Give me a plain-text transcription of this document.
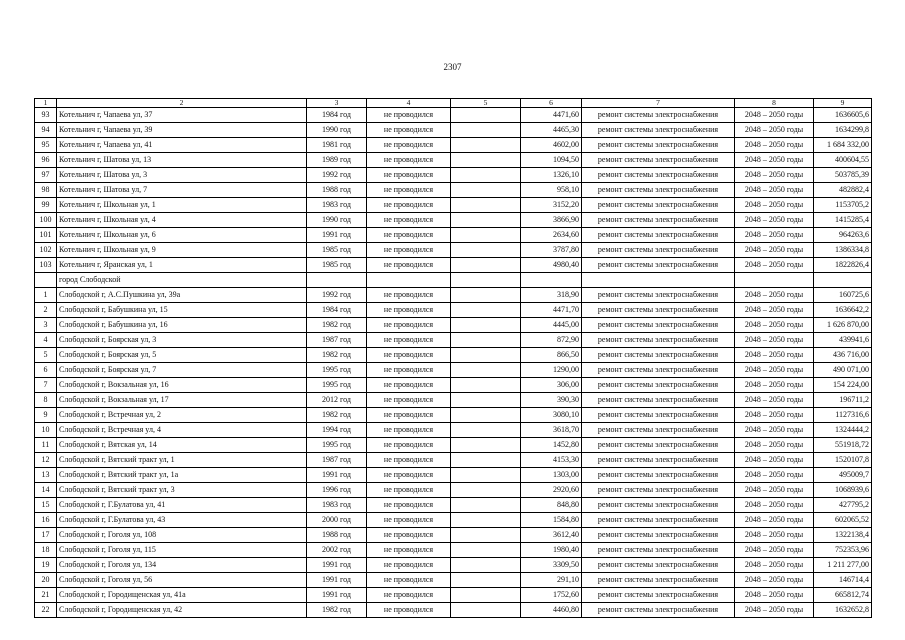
2307
1	2	3	4	5	6	7	8	9
93	Котельнич г, Чапаева ул, 37	1984 год	не проводился		4471,60	ремонт системы электроснабжения	2048 – 2050 годы	1636605,6
94	Котельнич г, Чапаева ул, 39	1990 год	не проводился		4465,30	ремонт системы электроснабжения	2048 – 2050 годы	1634299,8
95	Котельнич г, Чапаева ул, 41	1981 год	не проводился		4602,00	ремонт системы электроснабжения	2048 – 2050 годы	1 684 332,00
96	Котельнич г, Шатова ул, 13	1989 год	не проводился		1094,50	ремонт системы электроснабжения	2048 – 2050 годы	400604,55
97	Котельнич г, Шатова ул, 3	1992 год	не проводился		1326,10	ремонт системы электроснабжения	2048 – 2050 годы	503785,39
98	Котельнич г, Шатова ул, 7	1988 год	не проводился		958,10	ремонт системы электроснабжения	2048 – 2050 годы	482882,4
99	Котельнич г, Школьная ул, 1	1983 год	не проводился		3152,20	ремонт системы электроснабжения	2048 – 2050 годы	1153705,2
100	Котельнич г, Школьная ул, 4	1990 год	не проводился		3866,90	ремонт системы электроснабжения	2048 – 2050 годы	1415285,4
101	Котельнич г, Школьная ул, 6	1991 год	не проводился		2634,60	ремонт системы электроснабжения	2048 – 2050 годы	964263,6
102	Котельнич г, Школьная ул, 9	1985 год	не проводился		3787,80	ремонт системы электроснабжения	2048 – 2050 годы	1386334,8
103	Котельнич г, Яранская ул, 1	1985 год	не проводился		4980,40	ремонт системы электроснабжения	2048 – 2050 годы	1822826,4
	город Слободской							
1	Слободской г, А.С.Пушкина ул, 39а	1992 год	не проводился		318,90	ремонт системы электроснабжения	2048 – 2050 годы	160725,6
2	Слободской г, Бабушкина ул, 15	1984 год	не проводился		4471,70	ремонт системы электроснабжения	2048 – 2050 годы	1636642,2
3	Слободской г, Бабушкина ул, 16	1982 год	не проводился		4445,00	ремонт системы электроснабжения	2048 – 2050 годы	1 626 870,00
4	Слободской г, Боярская ул, 3	1987 год	не проводился		872,90	ремонт системы электроснабжения	2048 – 2050 годы	439941,6
5	Слободской г, Боярская ул, 5	1982 год	не проводился		866,50	ремонт системы электроснабжения	2048 – 2050 годы	436 716,00
6	Слободской г, Боярская ул, 7	1995 год	не проводился		1290,00	ремонт системы электроснабжения	2048 – 2050 годы	490 071,00
7	Слободской г, Вокзальная ул, 16	1995 год	не проводился		306,00	ремонт системы электроснабжения	2048 – 2050 годы	154 224,00
8	Слободской г, Вокзальная ул, 17	2012 год	не проводился		390,30	ремонт системы электроснабжения	2048 – 2050 годы	196711,2
9	Слободской г, Встречная ул, 2	1982 год	не проводился		3080,10	ремонт системы электроснабжения	2048 – 2050 годы	1127316,6
10	Слободской г, Встречная ул, 4	1994 год	не проводился		3618,70	ремонт системы электроснабжения	2048 – 2050 годы	1324444,2
11	Слободской г, Вятская ул, 14	1995 год	не проводился		1452,80	ремонт системы электроснабжения	2048 – 2050 годы	551918,72
12	Слободской г, Вятский тракт ул, 1	1987 год	не проводился		4153,30	ремонт системы электроснабжения	2048 – 2050 годы	1520107,8
13	Слободской г, Вятский тракт ул, 1а	1991 год	не проводился		1303,00	ремонт системы электроснабжения	2048 – 2050 годы	495009,7
14	Слободской г, Вятский тракт ул, 3	1996 год	не проводился		2920,60	ремонт системы электроснабжения	2048 – 2050 годы	1068939,6
15	Слободской г, Г.Булатова ул, 41	1983 год	не проводился		848,80	ремонт системы электроснабжения	2048 – 2050 годы	427795,2
16	Слободской г, Г.Булатова ул, 43	2000 год	не проводился		1584,80	ремонт системы электроснабжения	2048 – 2050 годы	602065,52
17	Слободской г, Гоголя ул, 108	1988 год	не проводился		3612,40	ремонт системы электроснабжения	2048 – 2050 годы	1322138,4
18	Слободской г, Гоголя ул, 115	2002 год	не проводился		1980,40	ремонт системы электроснабжения	2048 – 2050 годы	752353,96
19	Слободской г, Гоголя ул, 134	1991 год	не проводился		3309,50	ремонт системы электроснабжения	2048 – 2050 годы	1 211 277,00
20	Слободской г, Гоголя ул, 56	1991 год	не проводился		291,10	ремонт системы электроснабжения	2048 – 2050 годы	146714,4
21	Слободской г, Городищенская ул, 41а	1991 год	не проводился		1752,60	ремонт системы электроснабжения	2048 – 2050 годы	665812,74
22	Слободской г, Городищенская ул, 42	1982 год	не проводился		4460,80	ремонт системы электроснабжения	2048 – 2050 годы	1632652,8
